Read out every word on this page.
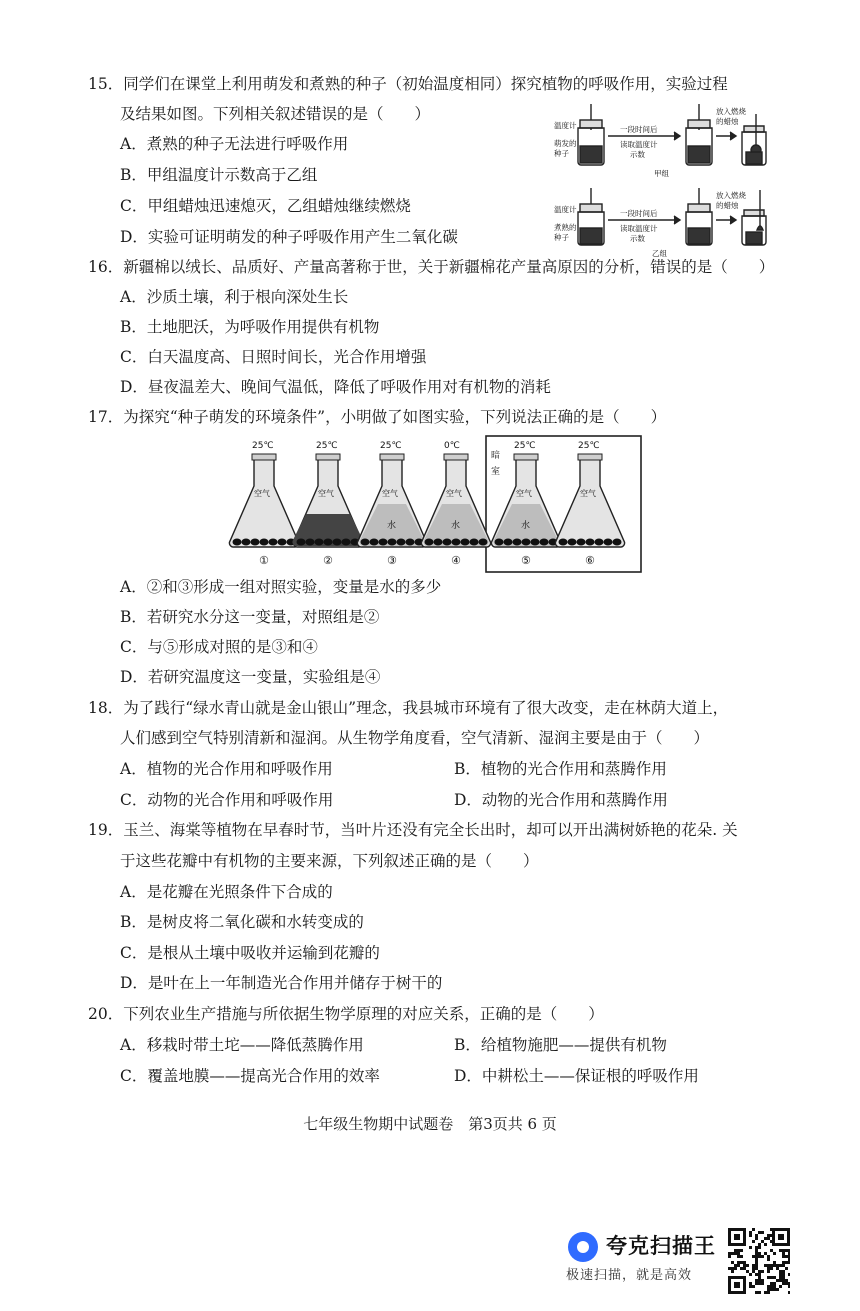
15．同学们在课堂上利用萌发和煮熟的种子（初始温度相同）探究植物的呼吸作用，实验过程
及结果如图。下列相关叙述错误的是（　　）
A．煮熟的种子无法进行呼吸作用
B．甲组温度计示数高于乙组
C．甲组蜡烛迅速熄灭，乙组蜡烛继续燃烧
D．实验可证明萌发的种子呼吸作用产生二氧化碳
温度计
萌发的
种子
一段时间后
读取温度计
示数
放入燃烧
的蜡烛
甲组
温度计
煮熟的
种子
一段时间后
读取温度计
示数
放入燃烧
的蜡烛
乙组
16．新疆棉以绒长、品质好、产量高著称于世，关于新疆棉花产量高原因的分析，错误的是（　　）
A．沙质土壤，利于根向深处生长
B．土地肥沃，为呼吸作用提供有机物
C．白天温度高、日照时间长，光合作用增强
D．昼夜温差大、晚间气温低，降低了呼吸作用对有机物的消耗
17．为探究“种子萌发的环境条件”，小明做了如图实验，下列说法正确的是（　　）
25℃
空气
①
25℃
空气
②
25℃
水
空气
③
0℃
水
空气
④
25℃
水
空气
⑤
25℃
空气
⑥
暗
室
A．②和③形成一组对照实验，变量是水的多少
B．若研究水分这一变量，对照组是②
C．与⑤形成对照的是③和④
D．若研究温度这一变量，实验组是④
18．为了践行“绿水青山就是金山银山”理念，我县城市环境有了很大改变，走在林荫大道上，
人们感到空气特别清新和湿润。从生物学角度看，空气清新、湿润主要是由于（　　）
A．植物的光合作用和呼吸作用	B．植物的光合作用和蒸腾作用
C．动物的光合作用和呼吸作用	D．动物的光合作用和蒸腾作用
19．玉兰、海棠等植物在早春时节，当叶片还没有完全长出时，却可以开出满树娇艳的花朵. 关
于这些花瓣中有机物的主要来源，下列叙述正确的是（　　）
A．是花瓣在光照条件下合成的
B．是树皮将二氧化碳和水转变成的
C．是根从土壤中吸收并运输到花瓣的
D．是叶在上一年制造光合作用并储存于树干的
20．下列农业生产措施与所依据生物学原理的对应关系，正确的是（　　）
A．移栽时带土坨——降低蒸腾作用	B．给植物施肥——提供有机物
C．覆盖地膜——提高光合作用的效率	D．中耕松土——保证根的呼吸作用
七年级生物期中试题卷　第3页共 6 页
夸克扫描王
极速扫描，就是高效
